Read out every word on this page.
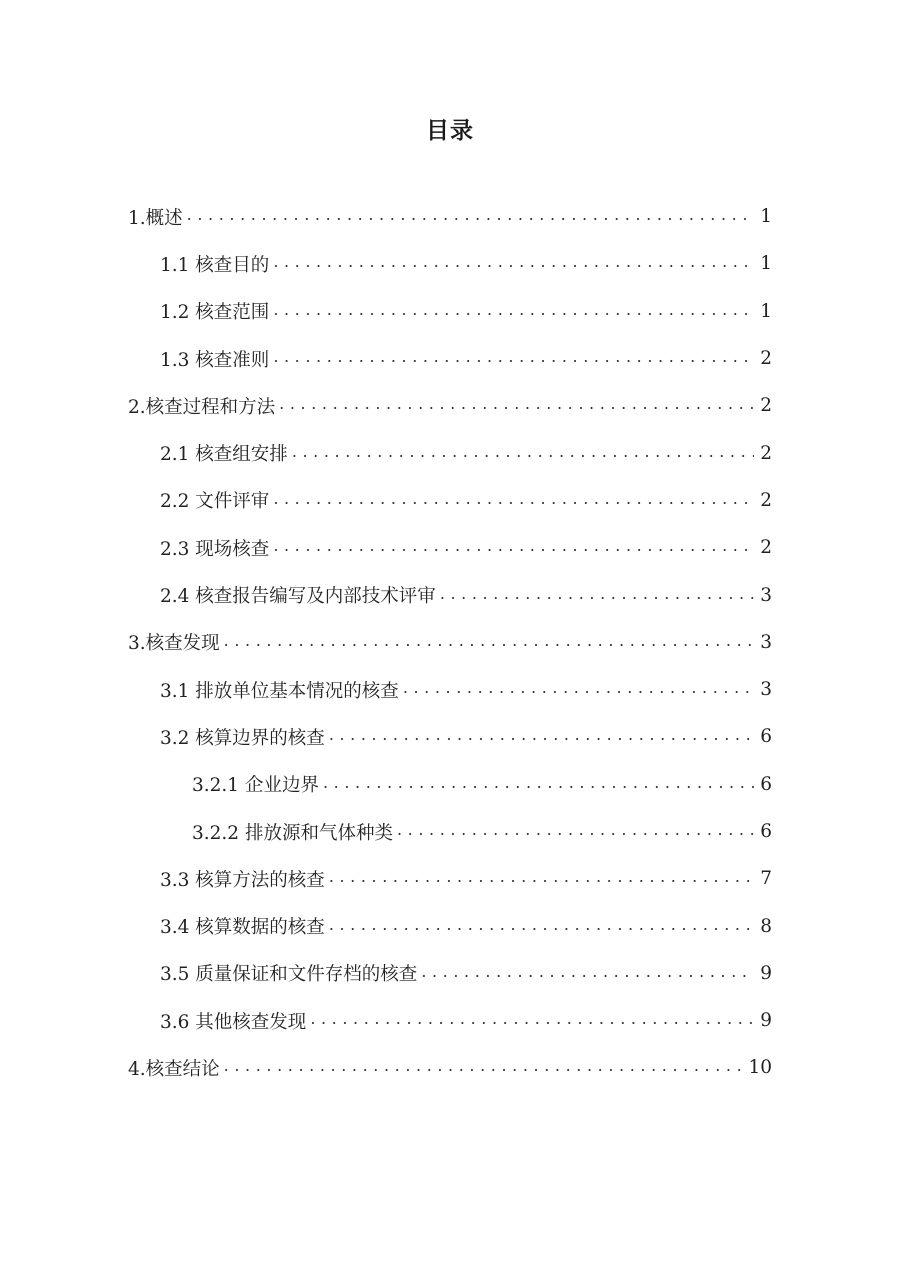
目录
1.概述 .....	1
1.1 核查目的 .....	1
1.2 核查范围 .....	1
1.3 核查准则 .....	2
2.核查过程和方法 .....	2
2.1 核查组安排 .....	2
2.2 文件评审 .....	2
2.3 现场核查 .....	2
2.4 核查报告编写及内部技术评审 .....	3
3.核查发现 .....	3
3.1 排放单位基本情况的核查 .....	3
3.2 核算边界的核查 .....	6
3.2.1 企业边界 .....	6
3.2.2 排放源和气体种类 .....	6
3.3 核算方法的核查 .....	7
3.4 核算数据的核查 .....	8
3.5 质量保证和文件存档的核查 .....	9
3.6 其他核查发现 .....	9
4.核查结论 .....	10
